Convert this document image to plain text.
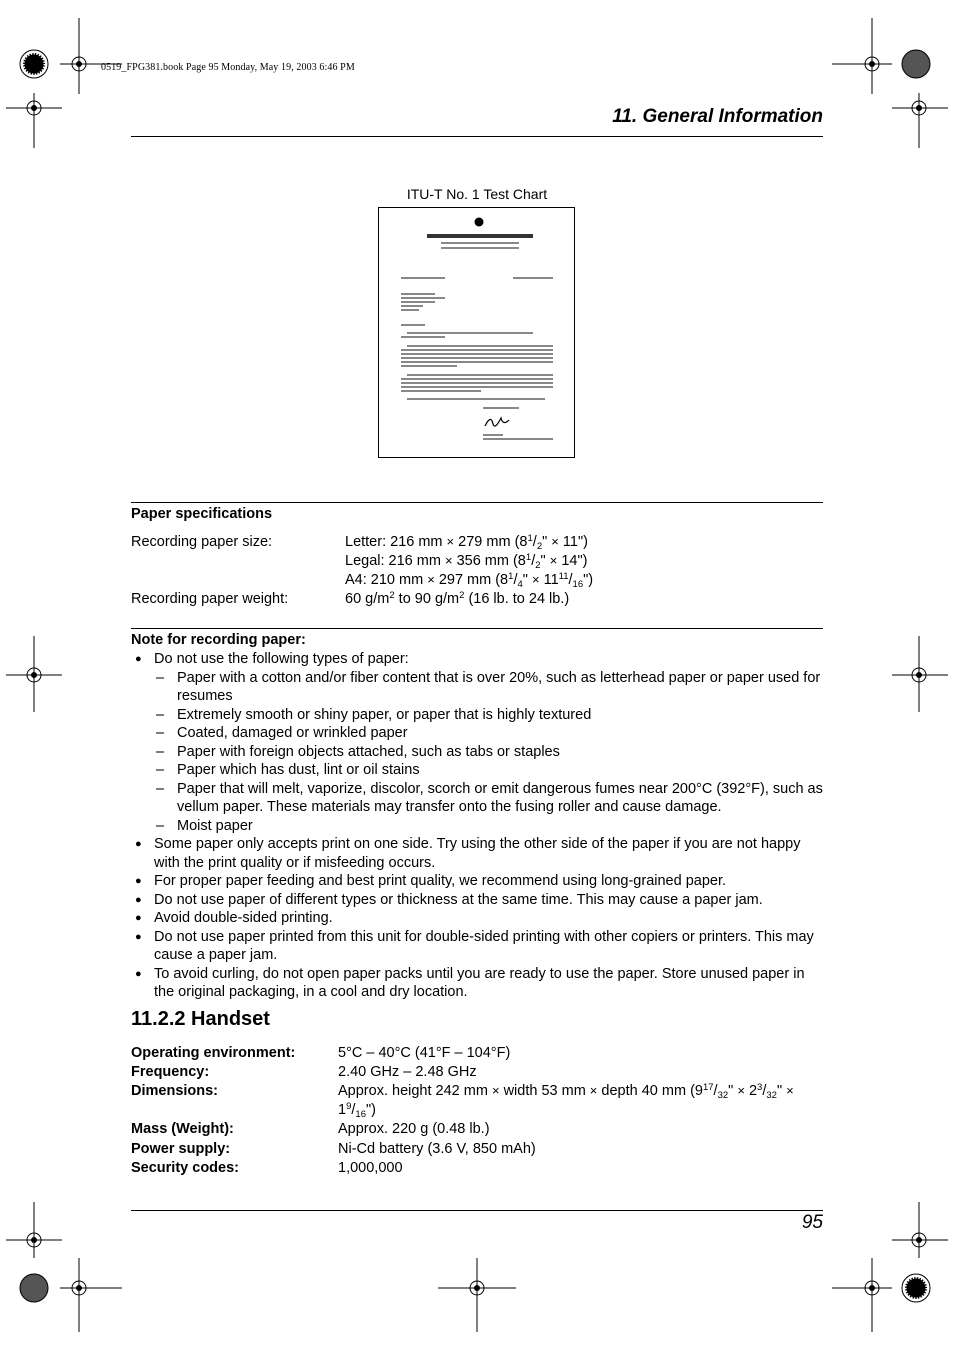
0519_FPG381.book Page 95 Monday, May 19, 2003 6:46 PM
11. General Information
ITU-T No. 1 Test Chart
Paper specifications
Recording paper size:	Letter: 216 mm × 279 mm ($8^1/_2$" × 11")
Legal: 216 mm × 356 mm ($8^1/_2$" × 14")
A4: 210 mm × 297 mm ($8^1/_4$" × $11^{11}/_{16}$")
Recording paper weight:	60 $g/m^2$ to 90 $g/m^2$ (16 lb. to 24 lb.)
Note for recording paper:
● Do not use the following types of paper:
– Paper with a cotton and/or fiber content that is over 20%, such as letterhead paper or paper used for resumes
– Extremely smooth or shiny paper, or paper that is highly textured
– Coated, damaged or wrinkled paper
– Paper with foreign objects attached, such as tabs or staples
– Paper which has dust, lint or oil stains
– Paper that will melt, vaporize, discolor, scorch or emit dangerous fumes near 200°C (392°F), such as vellum paper. These materials may transfer onto the fusing roller and cause damage.
– Moist paper
● Some paper only accepts print on one side. Try using the other side of the paper if you are not happy with the print quality or if misfeeding occurs.
● For proper paper feeding and best print quality, we recommend using long-grained paper.
● Do not use paper of different types or thickness at the same time. This may cause a paper jam.
● Avoid double-sided printing.
● Do not use paper printed from this unit for double-sided printing with other copiers or printers. This may cause a paper jam.
● To avoid curling, do not open paper packs until you are ready to use the paper. Store unused paper in the original packaging, in a cool and dry location.
11.2.2 Handset
Operating environment:	5°C – 40°C (41°F – 104°F)
Frequency:	2.40 GHz – 2.48 GHz
Dimensions:	Approx. height 242 mm × width 53 mm × depth 40 mm ($9^{17}/_{32}$" × $2^3/_{32}$" × $1^9/_{16}$")
Mass (Weight):	Approx. 220 g (0.48 lb.)
Power supply:	Ni-Cd battery (3.6 V, 850 mAh)
Security codes:	1,000,000
95
